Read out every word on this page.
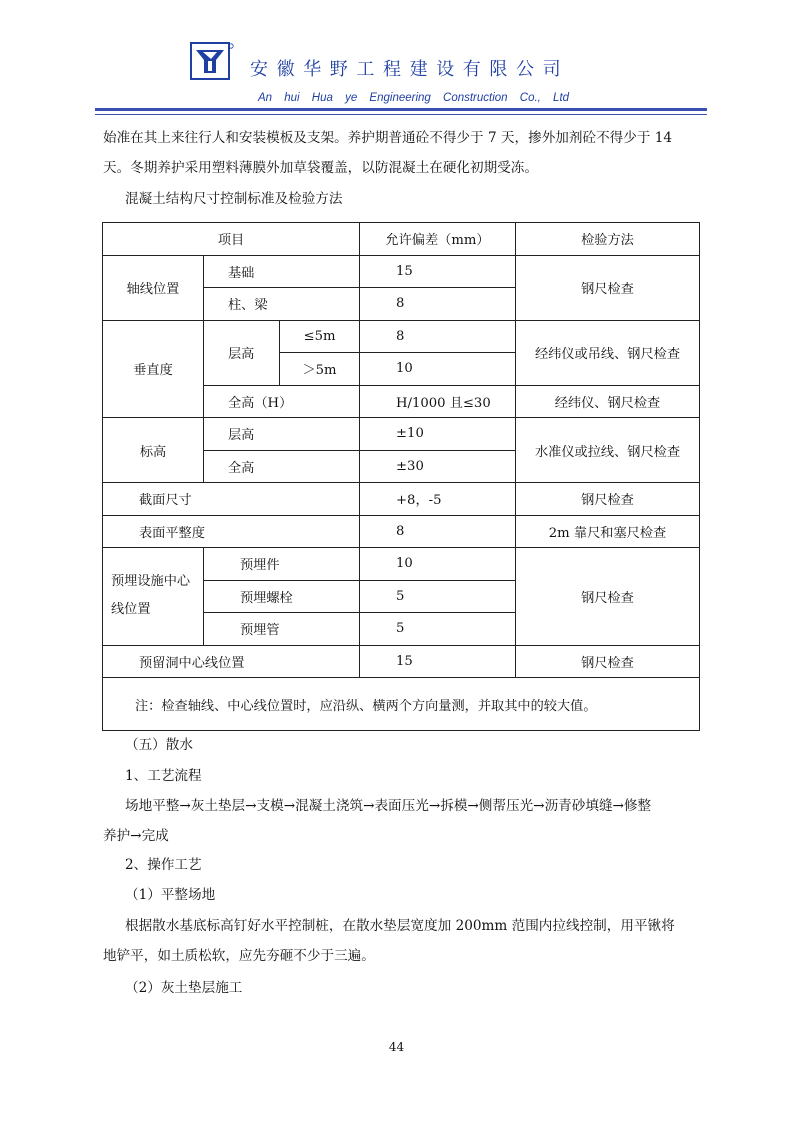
安徽华野工程建设有限公司
An hui Hua ye Engineering Construction Co., Ltd
始准在其上来往行人和安装模板及支架。养护期普通砼不得少于 7 天，掺外加剂砼不得少于 14
天。冬期养护采用塑料薄膜外加草袋覆盖，以防混凝土在硬化初期受冻。
混凝土结构尺寸控制标准及检验方法
项目			允许偏差（mm）	检验方法
轴线位置	基础		15	钢尺检查
	柱、梁		8	
垂直度	层高	≤5m	8	经纬仪或吊线、钢尺检查
		＞5m	10	
	全高（H）		H/1000 且≤30	经纬仪、钢尺检查
标高	层高		±10	水准仪或拉线、钢尺检查
	全高		±30	
截面尺寸			+8，-5	钢尺检查
表面平整度			8	2m 靠尺和塞尺检查
预埋设施中心线位置	预埋件		10	钢尺检查
	预埋螺栓		5	
	预埋管		5	
预留洞中心线位置			15	钢尺检查
注：检查轴线、中心线位置时，应沿纵、横两个方向量测，并取其中的较大值。				
（五）散水
1、工艺流程
场地平整→灰土垫层→支模→混凝土浇筑→表面压光→拆模→侧帮压光→沥青砂填缝→修整
养护→完成
2、操作工艺
（1）平整场地
根据散水基底标高钉好水平控制桩，在散水垫层宽度加 200mm 范围内拉线控制，用平锹将
地铲平，如土质松软，应先夯砸不少于三遍。
（2）灰土垫层施工
44
